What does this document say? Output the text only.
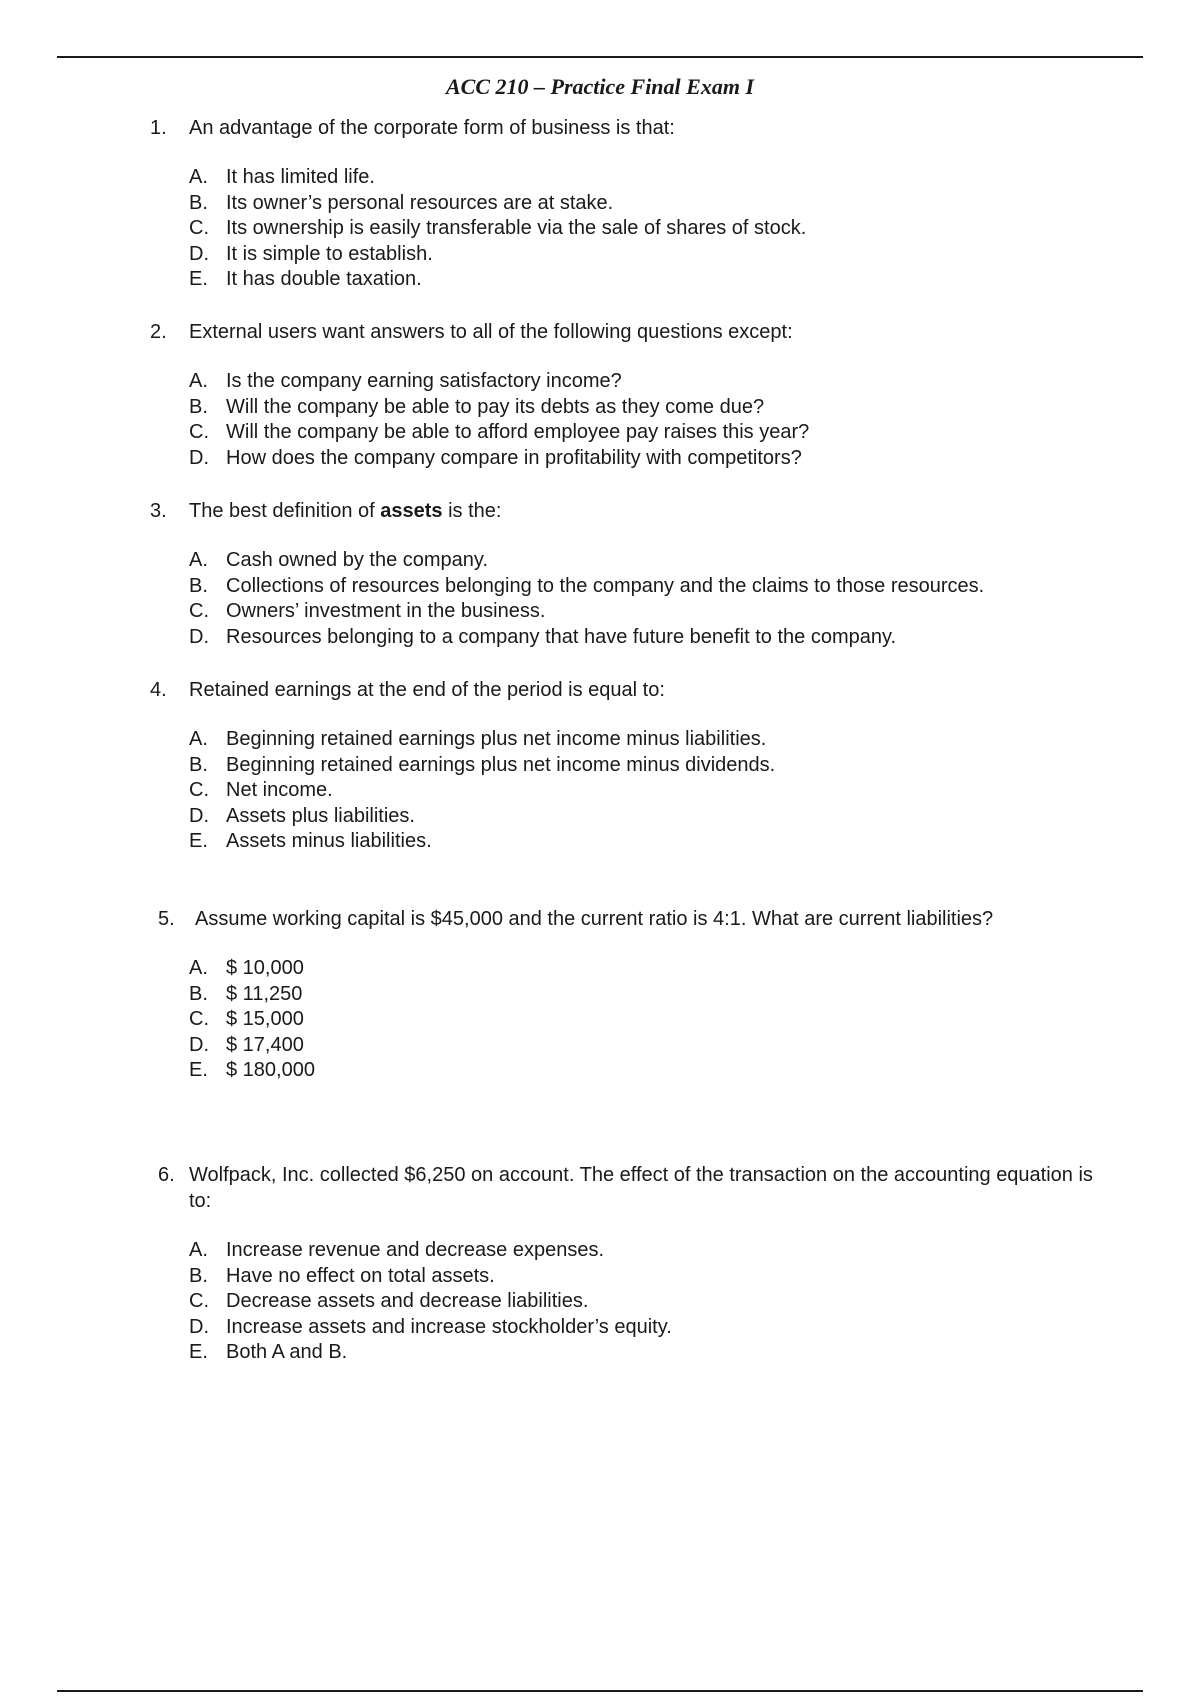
ACC 210 – Practice Final Exam I
1.	An advantage of the corporate form of business is that:
A. It has limited life.
B. Its owner’s personal resources are at stake.
C. Its ownership is easily transferable via the sale of shares of stock.
D. It is simple to establish.
E. It has double taxation.
2.	External users want answers to all of the following questions except:
A. Is the company earning satisfactory income?
B. Will the company be able to pay its debts as they come due?
C. Will the company be able to afford employee pay raises this year?
D. How does the company compare in profitability with competitors?
3.	The best definition of assets is the:
A. Cash owned by the company.
B. Collections of resources belonging to the company and the claims to those resources.
C. Owners’ investment in the business.
D. Resources belonging to a company that have future benefit to the company.
4.	Retained earnings at the end of the period is equal to:
A. Beginning retained earnings plus net income minus liabilities.
B. Beginning retained earnings plus net income minus dividends.
C. Net income.
D. Assets plus liabilities.
E. Assets minus liabilities.
5.	Assume working capital is $45,000 and the current ratio is 4:1. What are current liabilities?
A. $ 10,000
B. $ 11,250
C. $ 15,000
D. $ 17,400
E. $ 180,000
6. Wolfpack, Inc. collected $6,250 on account. The effect of the transaction on the accounting equation is to:
A. Increase revenue and decrease expenses.
B. Have no effect on total assets.
C. Decrease assets and decrease liabilities.
D. Increase assets and increase stockholder’s equity.
E. Both A and B.
